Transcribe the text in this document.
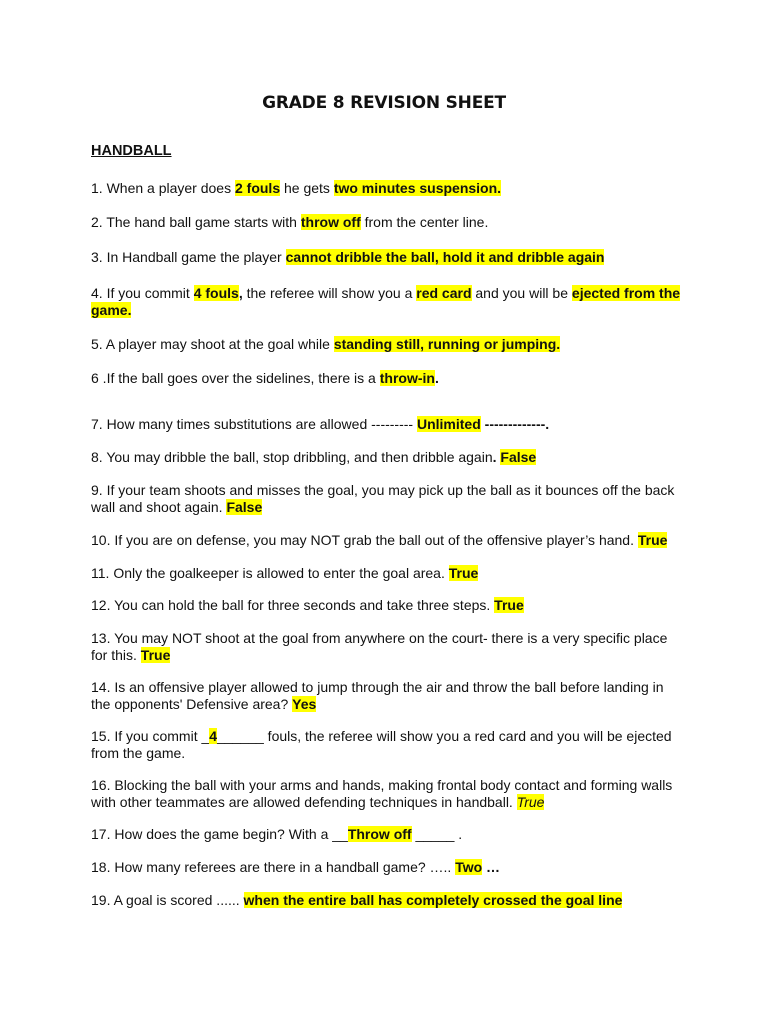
GRADE 8 REVISION SHEET
HANDBALL
1. When a player does 2 fouls he gets two minutes suspension.
2. The hand ball game starts with throw off from the center line.
3. In Handball game the player cannot dribble the ball, hold it and dribble again
4. If you commit 4 fouls, the referee will show you a red card and you will be ejected from the game.
5. A player may shoot at the goal while standing still, running or jumping.
6 .If the ball goes over the sidelines, there is a throw-in.
7. How many times substitutions are allowed --------- Unlimited -------------.
8. You may dribble the ball, stop dribbling, and then dribble again. False
9. If your team shoots and misses the goal, you may pick up the ball as it bounces off the back wall and shoot again. False
10. If you are on defense, you may NOT grab the ball out of the offensive player’s hand. True
11. Only the goalkeeper is allowed to enter the goal area. True
12. You can hold the ball for three seconds and take three steps. True
13. You may NOT shoot at the goal from anywhere on the court- there is a very specific place for this. True
14. Is an offensive player allowed to jump through the air and throw the ball before landing in the opponents' Defensive area? Yes
15. If you commit _4______ fouls, the referee will show you a red card and you will be ejected from the game.
16. Blocking the ball with your arms and hands, making frontal body contact and forming walls with other teammates are allowed defending techniques in handball. True
17. How does the game begin? With a __Throw off _____ .
18. How many referees are there in a handball game? ….. Two …
19. A goal is scored ...... when the entire ball has completely crossed the goal line
